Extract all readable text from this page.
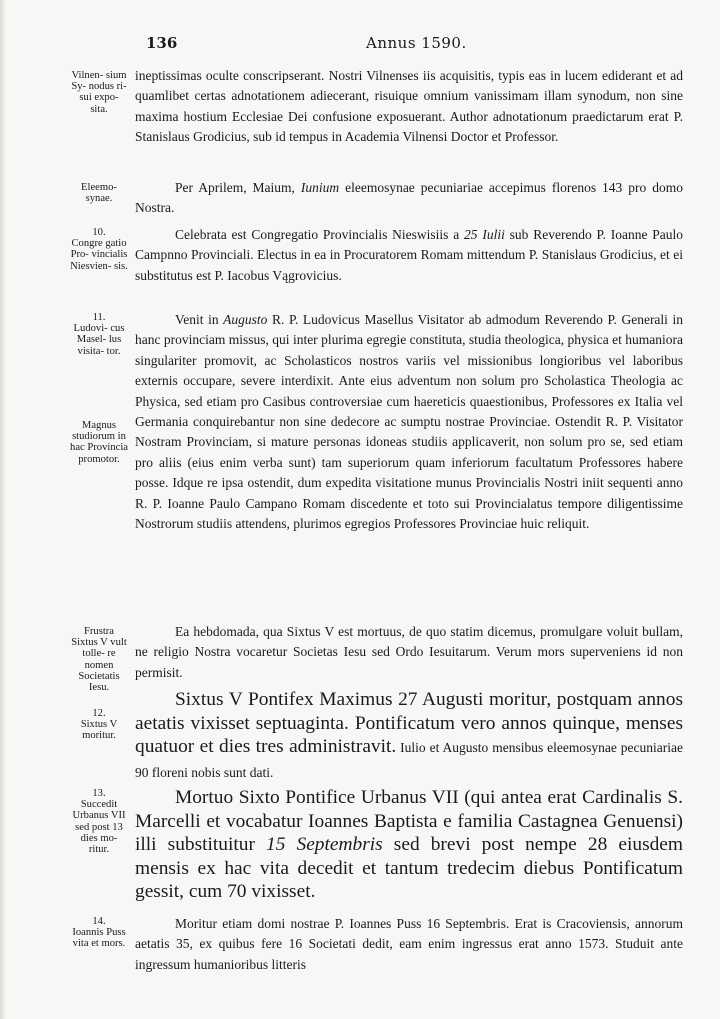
136	Annus 1590.
Vilnen- sium Sy- nodus ri- sui expo- sita.
ineptissimas oculte conscripserant. Nostri Vilnenses iis acquisitis, typis eas in lucem ediderant et ad quamlibet certas adnotationem adiecerant, risuique omnium vanissimam illam synodum, non sine maxima hostium Ecclesiae Dei confusione exposuerant. Author adnotationum praedictarum erat P. Stanislaus Grodicius, sub id tempus in Academia Vilnensi Doctor et Professor.
Eleemo- synae.
Per Aprilem, Maium, Iunium eleemosynae pecuniariae accepimus florenos 143 pro domo Nostra.
10.
Congre gatio Pro- vincialis Niesvien- sis.
Celebrata est Congregatio Provincialis Nieswisiis a 25 Iulii sub Reverendo P. Ioanne Paulo Campnno Provinciali. Electus in ea in Procuratorem Romam mittendum P. Stanislaus Grodicius, et ei substitutus est P. Iacobus Vągrovicius.
11.
Ludovi- cus Masel- lus visita- tor.
Magnus studiorum in hac Provincia promotor.
Venit in Augusto R. P. Ludovicus Masellus Visitator ab admodum Reverendo P. Generali in hanc provinciam missus, qui inter plurima egregie constituta, studia theologica, physica et humaniora singulariter promovit, ac Scholasticos nostros variis vel missionibus longioribus vel laboribus externis occupare, severe interdixit. Ante eius adventum non solum pro Scholastica Theologia ac Physica, sed etiam pro Casibus controversiae cum haereticis quaestionibus, Professores ex Italia vel Germania conquirebantur non sine dedecore ac sumptu nostrae Provinciae. Ostendit R. P. Visitator Nostram Provinciam, si mature personas idoneas studiis applicaverit, non solum pro se, sed etiam pro aliis (eius enim verba sunt) tam superiorum quam inferiorum facultatum Professores habere posse. Idque re ipsa ostendit, dum expedita visitatione munus Provincialis Nostri iniit sequenti anno R. P. Ioanne Paulo Campano Romam discedente et toto sui Provincialatus tempore diligentissime Nostrorum studiis attendens, plurimos egregios Professores Provinciae huic reliquit.
Frustra Sixtus V vult tolle- re nomen Societatis Iesu.
Ea hebdomada, qua Sixtus V est mortuus, de quo statim dicemus, promulgare voluit bullam, ne religio Nostra vocaretur Societas Iesu sed Ordo Iesuitarum. Verum mors superveniens id non permisit.
12.
Sixtus V moritur.
Sixtus V Pontifex Maximus 27 Augusti moritur, postquam annos aetatis vixisset septuaginta. Pontificatum vero annos quinque, menses quatuor et dies tres administravit. Iulio et Augusto mensibus eleemosynae pecuniariae 90 floreni nobis sunt dati.
13.
Succedit Urbanus VII sed post 13 dies mo- ritur.
Mortuo Sixto Pontifice Urbanus VII (qui antea erat Cardinalis S. Marcelli et vocabatur Ioannes Baptista e familia Castagnea Genuensi) illi substituitur 15 Septembris sed brevi post nempe 28 eiusdem mensis ex hac vita decedit et tantum tredecim diebus Pontificatum gessit, cum 70 vixisset.
14.
Ioannis Puss vita et mors.
Moritur etiam domi nostrae P. Ioannes Puss 16 Septembris. Erat is Cracoviensis, annorum aetatis 35, ex quibus fere 16 Societati dedit, eam enim ingressus erat anno 1573. Studuit ante ingressum humanioribus litteris
